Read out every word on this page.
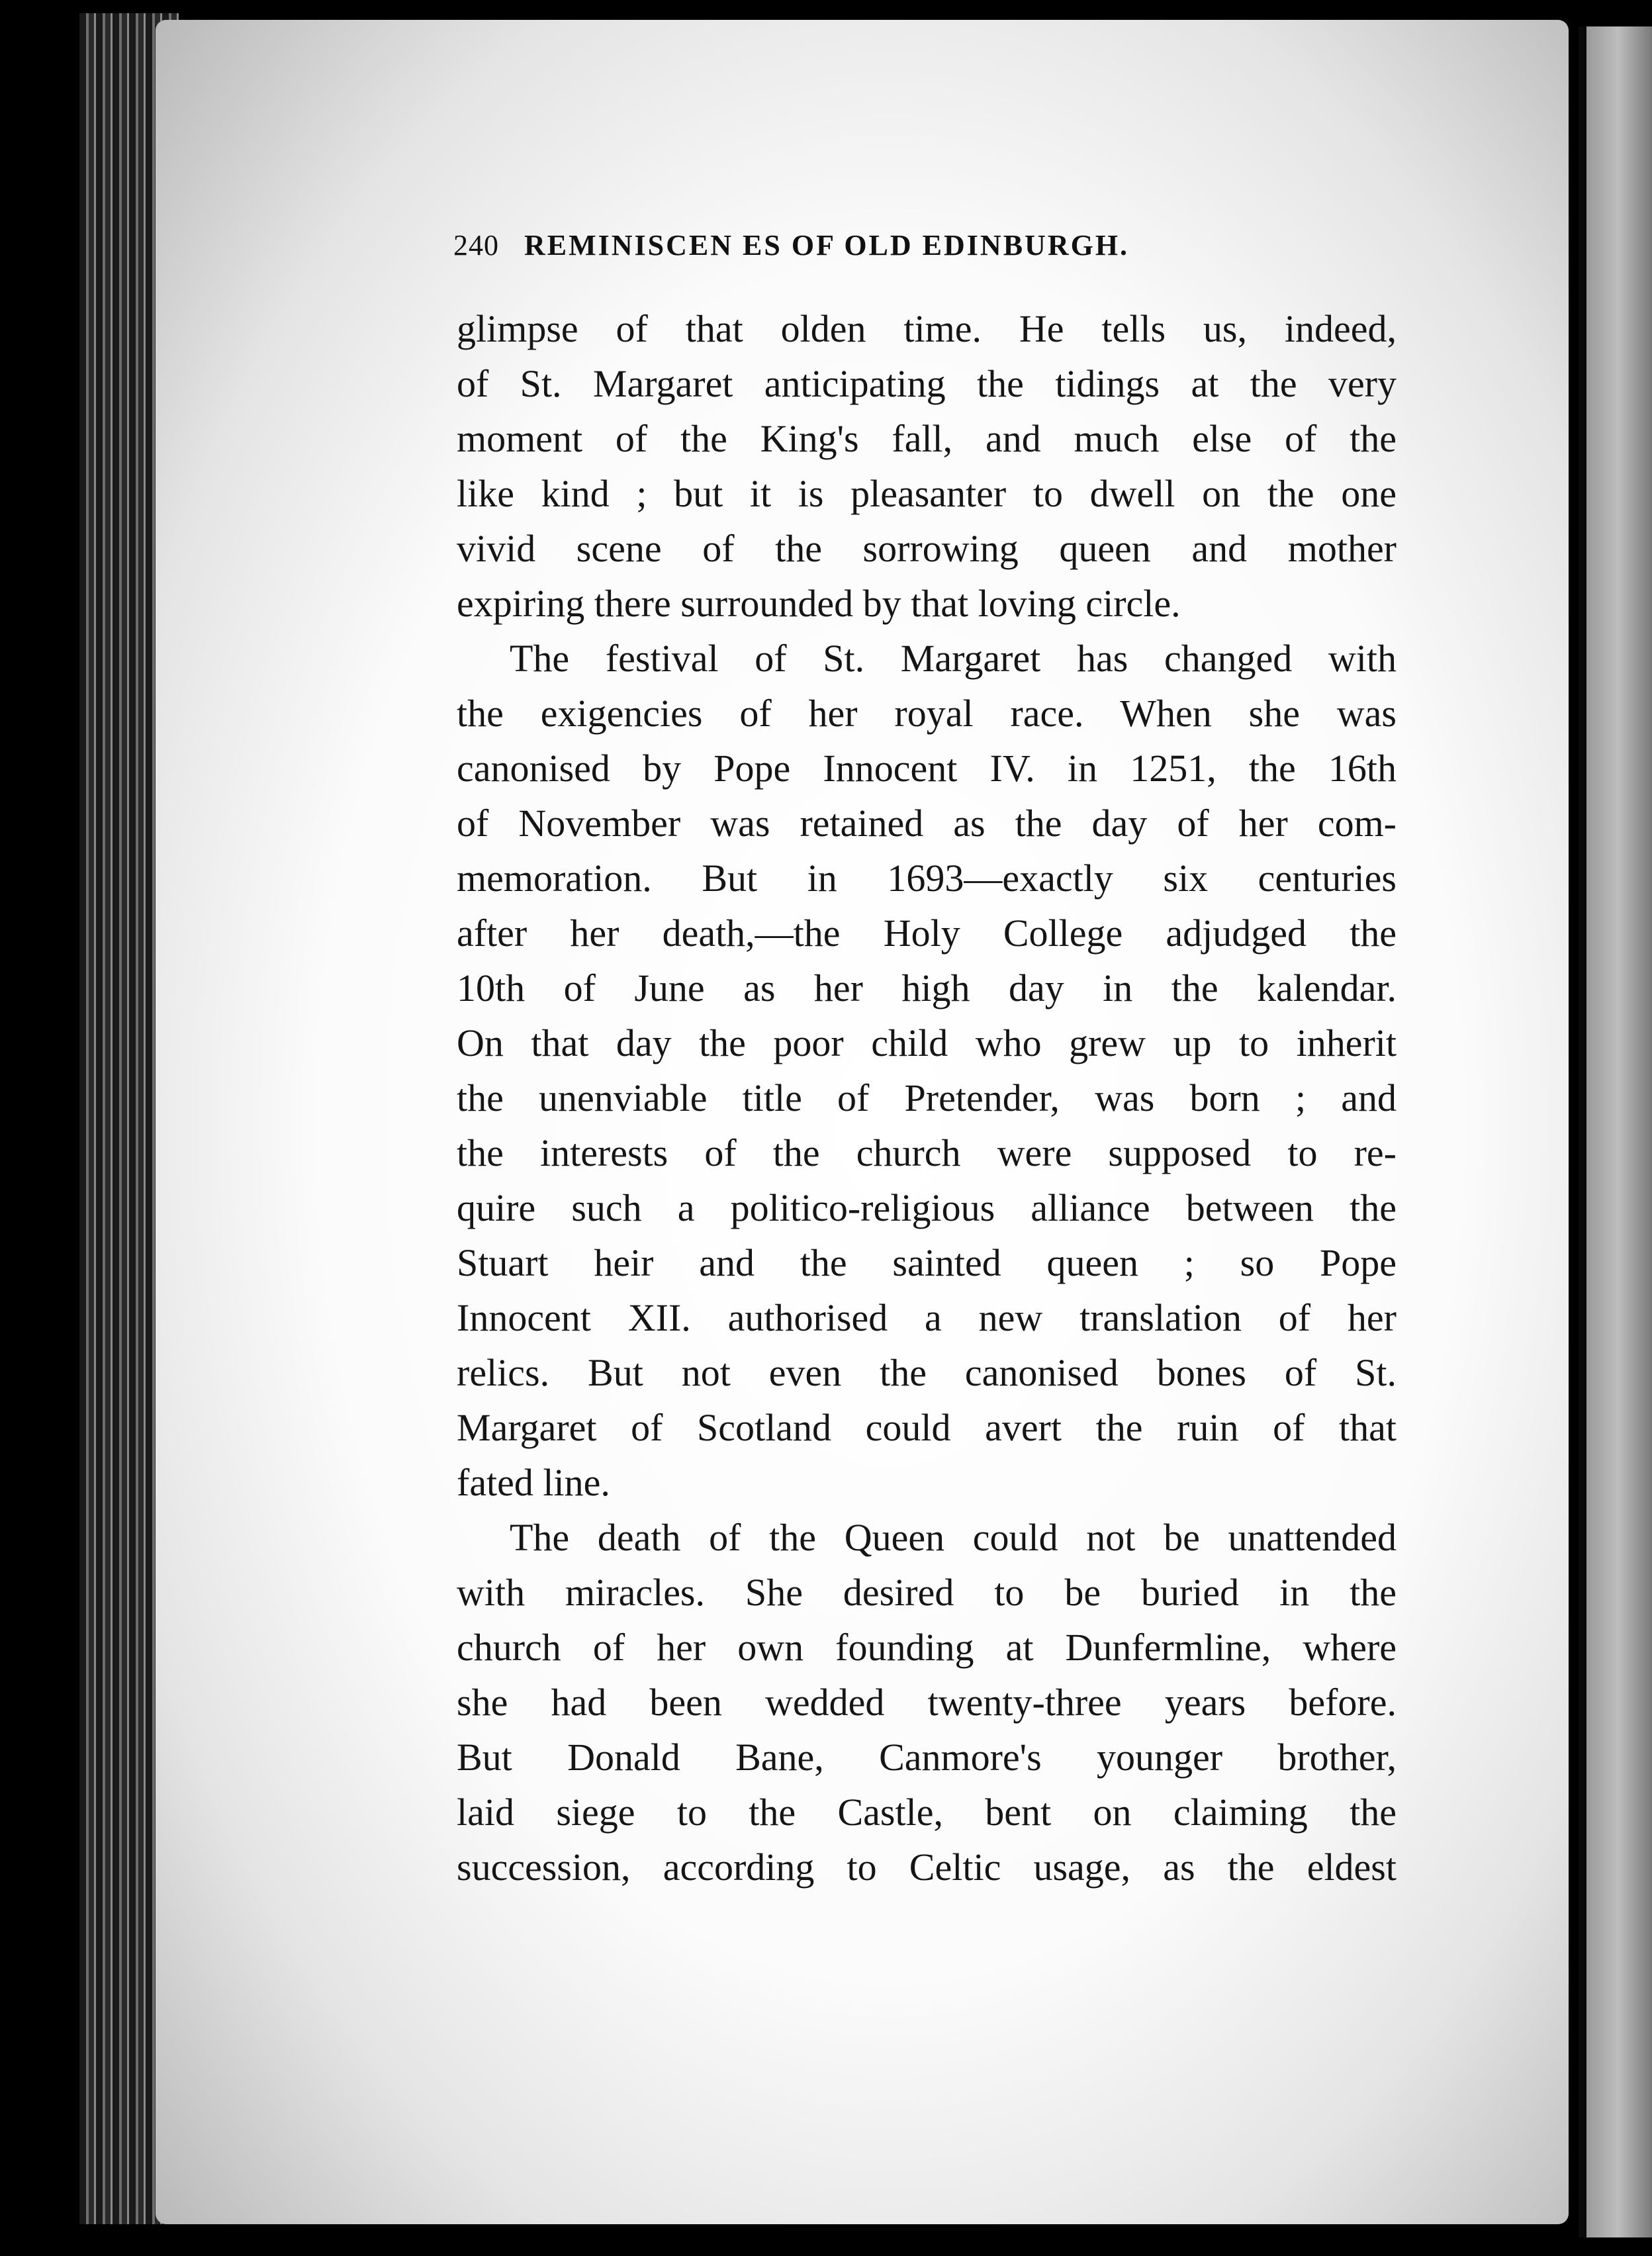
240 REMINISCEN ES OF OLD EDINBURGH.
glimpse of that olden time. He tells us, indeed,
of St. Margaret anticipating the tidings at the very
moment of the King's fall, and much else of the
like kind ; but it is pleasanter to dwell on the one
vivid scene of the sorrowing queen and mother
expiring there surrounded by that loving circle.
The festival of St. Margaret has changed with
the exigencies of her royal race. When she was
canonised by Pope Innocent IV. in 1251, the 16th
of November was retained as the day of her com-
memoration. But in 1693—exactly six centuries
after her death,—the Holy College adjudged the
10th of June as her high day in the kalendar.
On that day the poor child who grew up to inherit
the unenviable title of Pretender, was born ; and
the interests of the church were supposed to re-
quire such a politico-religious alliance between the
Stuart heir and the sainted queen ; so Pope
Innocent XII. authorised a new translation of her
relics. But not even the canonised bones of St.
Margaret of Scotland could avert the ruin of that
fated line.
The death of the Queen could not be unattended
with miracles. She desired to be buried in the
church of her own founding at Dunfermline, where
she had been wedded twenty-three years before.
But Donald Bane, Canmore's younger brother,
laid siege to the Castle, bent on claiming the
succession, according to Celtic usage, as the eldest
